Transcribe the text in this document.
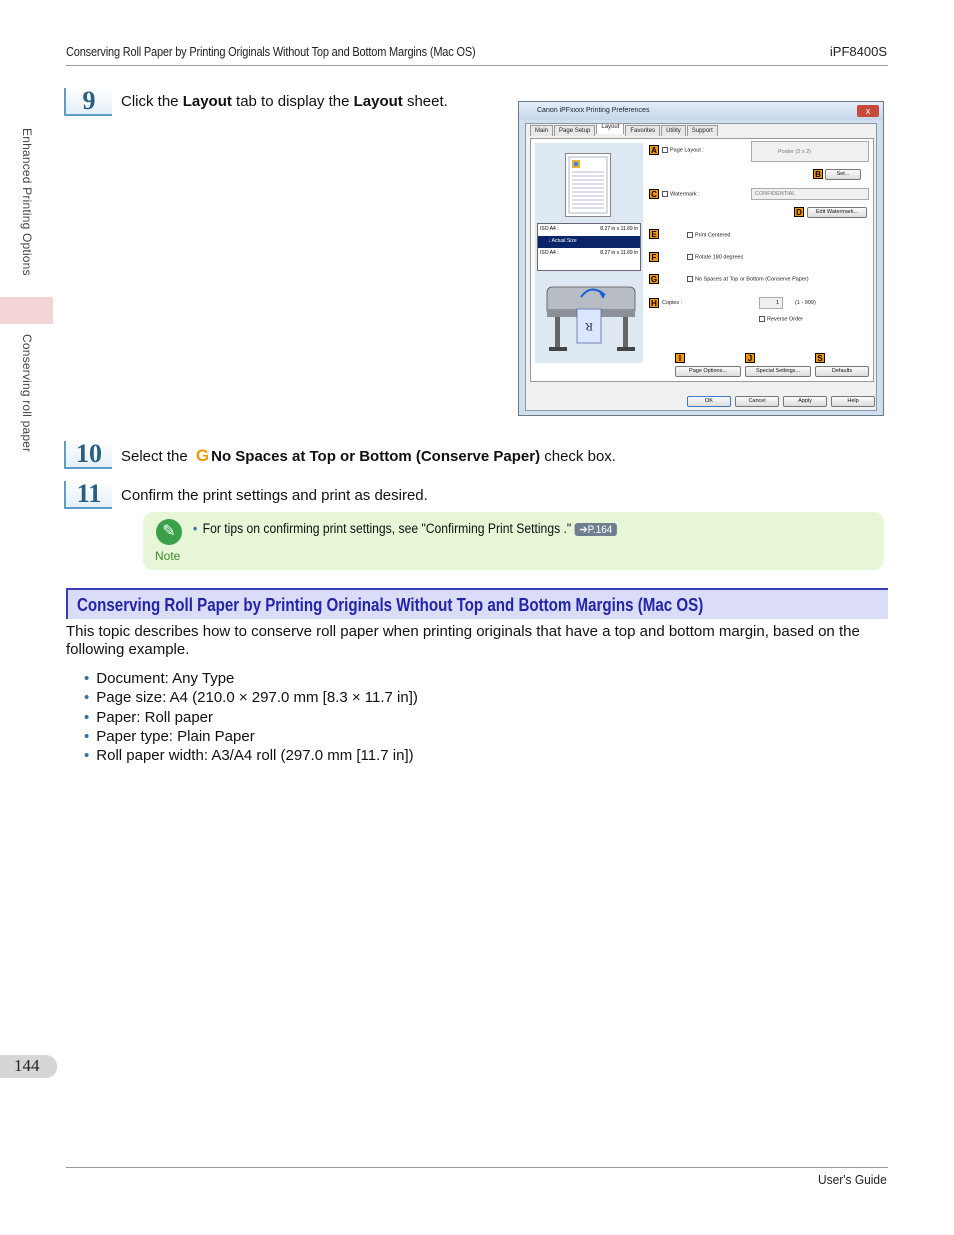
Conserving Roll Paper by Printing Originals Without Top and Bottom Margins (Mac OS)	iPF8400S
Enhanced Printing Options
Conserving roll paper
9	Click the Layout tab to display the Layout sheet.
Canon iPFxxxx Printing Preferences	x
Main	Page Setup
Layout
Favorites	Utility	Support
ISO A4 :	8.27 in x 11.69 in
↓ Actual Size
ISO A4 :	8.27 in x 11.69 in
R
A	Page Layout :	Poster (2 x 2)
B	Set...
C	Watermark :	CONFIDENTIAL
D	Edit Watermark...
E	Print Centered
F	Rotate 180 degrees
G	No Spaces at Top or Bottom (Conserve Paper)
H Copies :	1	(1 - 999)
Reverse Order
I	J	S
Page Options...	Special Settings...	Defaults
OK	Cancel	Apply	Help
10	Select the G No Spaces at Top or Bottom (Conserve Paper) check box.
11	Confirm the print settings and print as desired.
✎
Note
• For tips on confirming print settings, see "Confirming Print Settings ." ➔P.164
Conserving Roll Paper by Printing Originals Without Top and Bottom Margins (Mac OS)
This topic describes how to conserve roll paper when printing originals that have a top and bottom margin, based on the following example.
• Document: Any Type
• Page size: A4 (210.0 × 297.0 mm [8.3 × 11.7 in])
• Paper: Roll paper
• Paper type: Plain Paper
• Roll paper width: A3/A4 roll (297.0 mm [11.7 in])
144
User's Guide
